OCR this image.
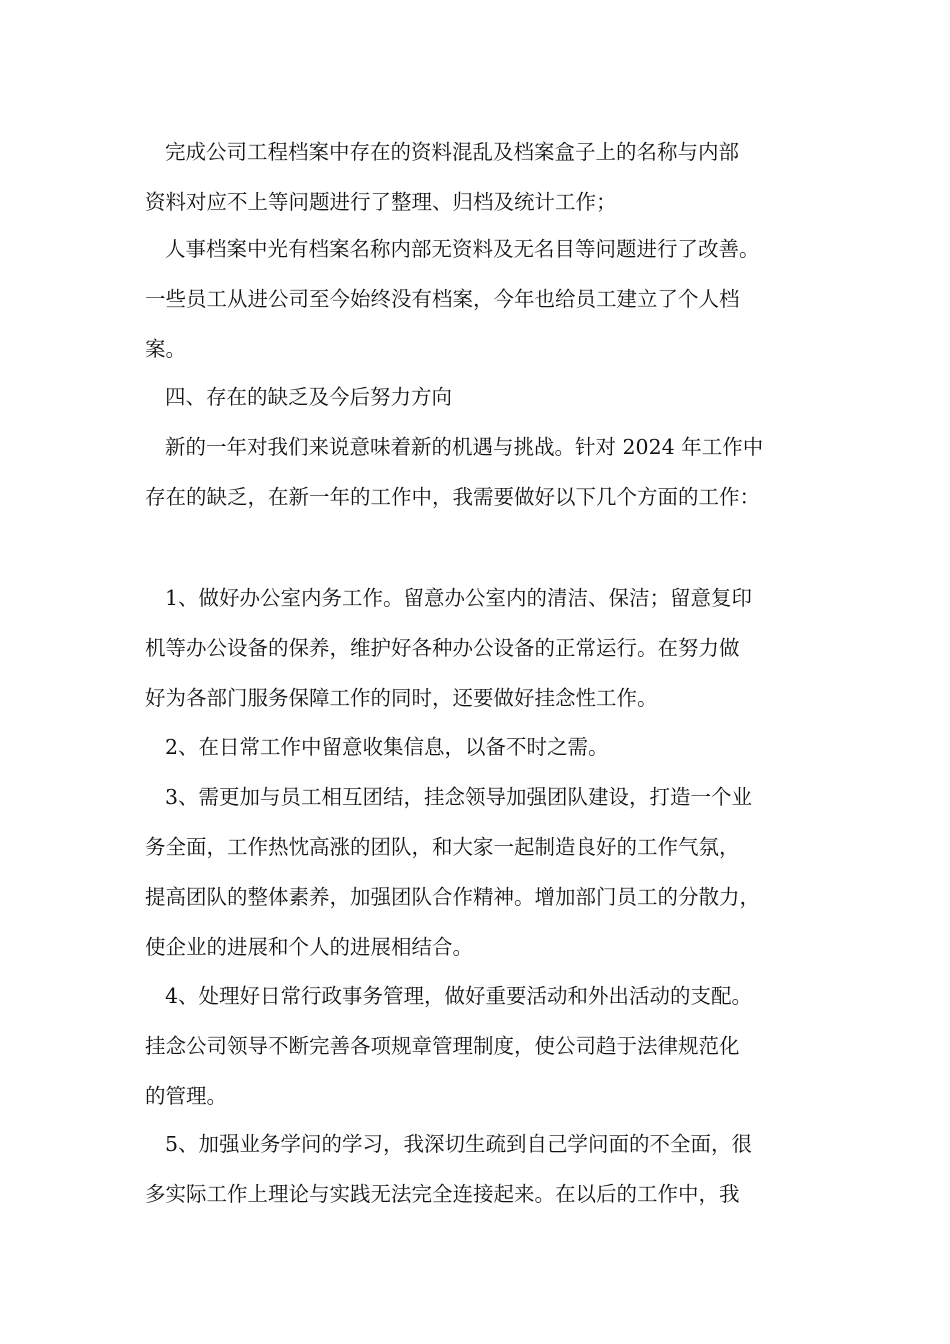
完成公司工程档案中存在的资料混乱及档案盒子上的名称与内部
资料对应不上等问题进行了整理、归档及统计工作；
人事档案中光有档案名称内部无资料及无名目等问题进行了改善。
一些员工从进公司至今始终没有档案，今年也给员工建立了个人档
案。
四、存在的缺乏及今后努力方向
新的一年对我们来说意味着新的机遇与挑战。针对 2024 年工作中
存在的缺乏，在新一年的工作中，我需要做好以下几个方面的工作：
1、做好办公室内务工作。留意办公室内的清洁、保洁；留意复印
机等办公设备的保养，维护好各种办公设备的正常运行。在努力做
好为各部门服务保障工作的同时，还要做好挂念性工作。
2、在日常工作中留意收集信息，以备不时之需。
3、需更加与员工相互团结，挂念领导加强团队建设，打造一个业
务全面，工作热忱高涨的团队，和大家一起制造良好的工作气氛，
提高团队的整体素养，加强团队合作精神。增加部门员工的分散力，
使企业的进展和个人的进展相结合。
4、处理好日常行政事务管理，做好重要活动和外出活动的支配。
挂念公司领导不断完善各项规章管理制度，使公司趋于法律规范化
的管理。
5、加强业务学问的学习，我深切生疏到自己学问面的不全面，很
多实际工作上理论与实践无法完全连接起来。在以后的工作中，我
